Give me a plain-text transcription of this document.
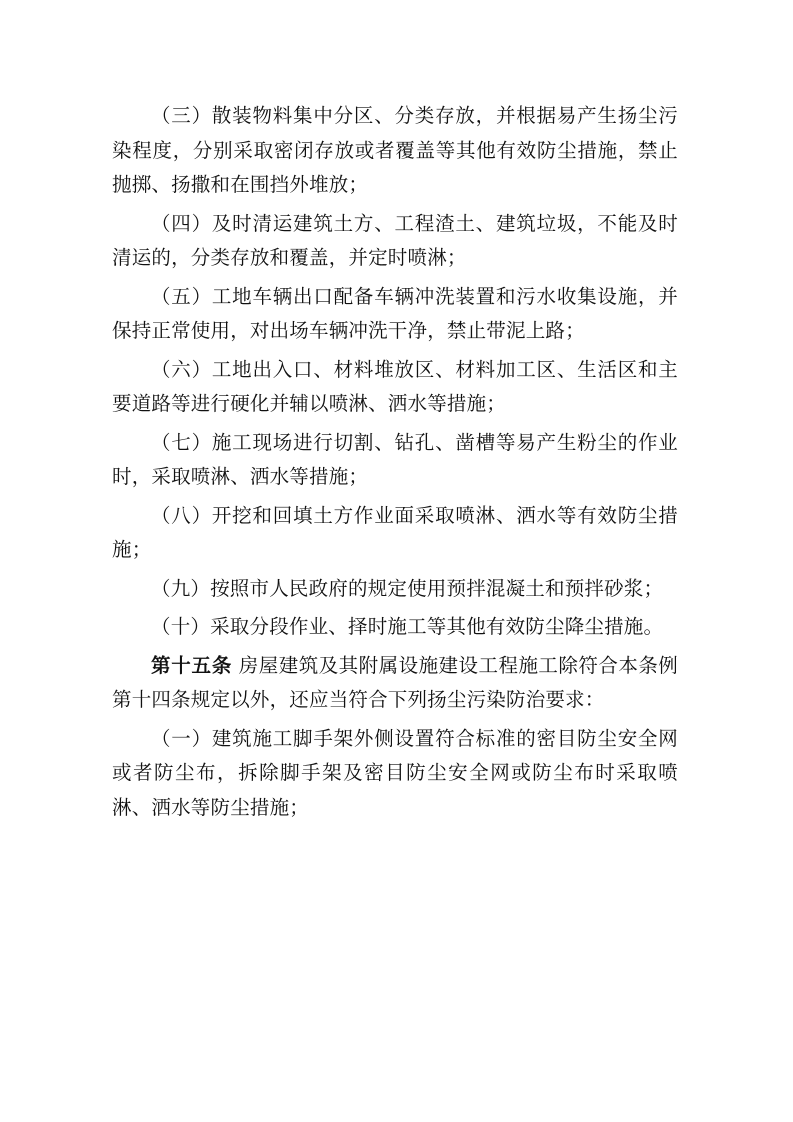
（三）散装物料集中分区、分类存放，并根据易产生扬尘污染程度，分别采取密闭存放或者覆盖等其他有效防尘措施，禁止抛掷、扬撒和在围挡外堆放；

（四）及时清运建筑土方、工程渣土、建筑垃圾，不能及时清运的，分类存放和覆盖，并定时喷淋；

（五）工地车辆出口配备车辆冲洗装置和污水收集设施，并保持正常使用，对出场车辆冲洗干净，禁止带泥上路；

（六）工地出入口、材料堆放区、材料加工区、生活区和主要道路等进行硬化并辅以喷淋、洒水等措施；

（七）施工现场进行切割、钻孔、凿槽等易产生粉尘的作业时，采取喷淋、洒水等措施；

（八）开挖和回填土方作业面采取喷淋、洒水等有效防尘措施；

（九）按照市人民政府的规定使用预拌混凝土和预拌砂浆；

（十）采取分段作业、择时施工等其他有效防尘降尘措施。

第十五条 房屋建筑及其附属设施建设工程施工除符合本条例第十四条规定以外，还应当符合下列扬尘污染防治要求：

（一）建筑施工脚手架外侧设置符合标准的密目防尘安全网或者防尘布，拆除脚手架及密目防尘安全网或防尘布时采取喷淋、洒水等防尘措施；
